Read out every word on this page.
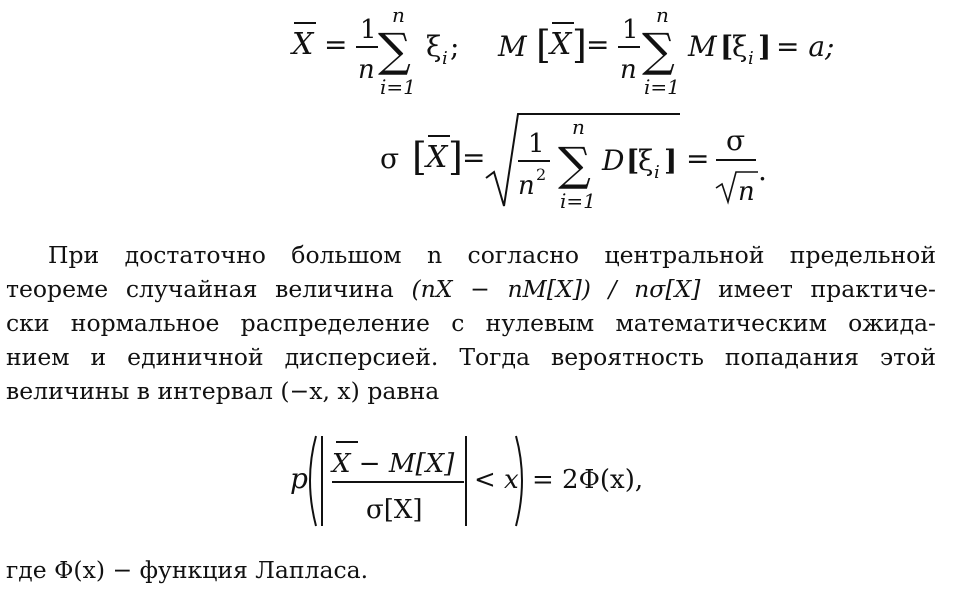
X = 1
n
n
∑
i=1
ξ i ; M [ X ] = 1
n
n
∑
i=1
M [
ξ i ] = a;
σ [ X ] = 1
n 2
n
∑
i=1
D [
ξ i ] =
σ
n
.
При достаточно большом n согласно центральной предельной
теореме случайная величина (nX − nM[X]) / nσ[X] имеет практиче-
ски нормальное распределение с нулевым математическим ожида-
нием и единичной дисперсией. Тогда вероятность попадания этой
величины в интервал (−x, x) равна
p X − M[X]
σ[X]
< x = 2Φ(x),
где Φ(x) − функция Лапласа.
